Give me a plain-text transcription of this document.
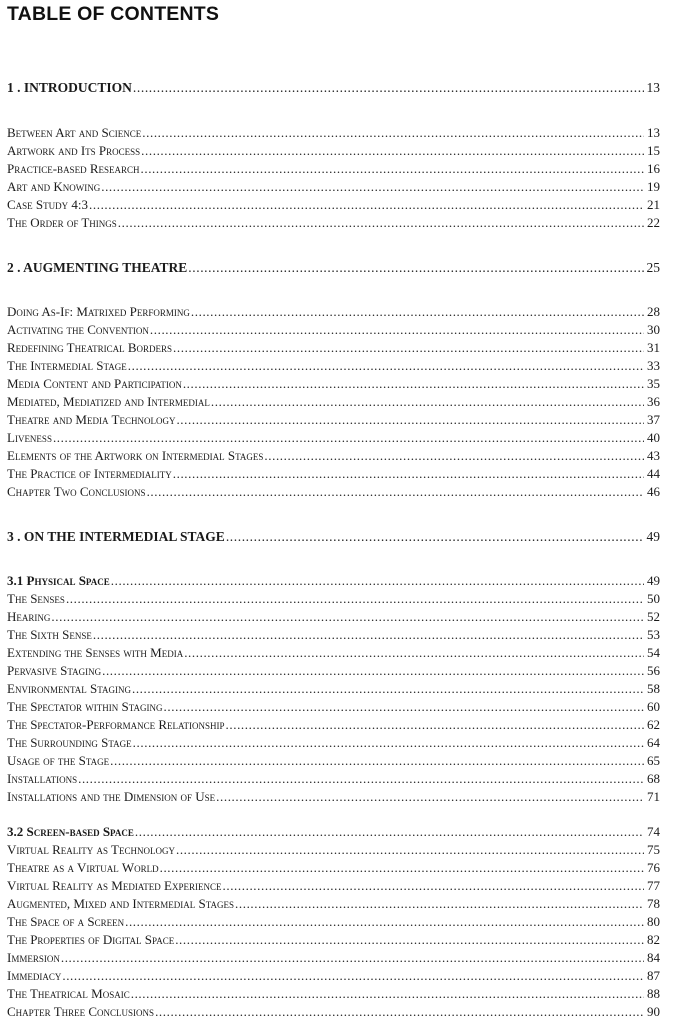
TABLE OF CONTENTS
1 . INTRODUCTION .....	13
Between Art and Science .....	13
Artwork and Its Process .....	15
Practice-based Research .....	16
Art and Knowing .....	19
Case Study 4:3 .....	21
The Order of Things .....	22
2 . AUGMENTING THEATRE .....	25
Doing As-If: Matrixed Performing .....	28
Activating the Convention .....	30
Redefining Theatrical Borders .....	31
The Intermedial Stage .....	33
Media Content and Participation .....	35
Mediated, Mediatized and Intermedial .....	36
Theatre and Media Technology .....	37
Liveness .....	40
Elements of the Artwork on Intermedial Stages .....	43
The Practice of Intermediality .....	44
Chapter Two Conclusions .....	46
3 . ON THE INTERMEDIAL STAGE .....	49
3.1 Physical Space .....	49
The Senses .....	50
Hearing .....	52
The Sixth Sense .....	53
Extending the Senses with Media .....	54
Pervasive Staging .....	56
Environmental Staging .....	58
The Spectator within Staging .....	60
The Spectator-Performance Relationship .....	62
The Surrounding Stage .....	64
Usage of the Stage .....	65
Installations .....	68
Installations and the Dimension of Use .....	71
3.2 Screen-based Space .....	74
Virtual Reality as Technology .....	75
Theatre as a Virtual World .....	76
Virtual Reality as Mediated Experience .....	77
Augmented, Mixed and Intermedial Stages .....	78
The Space of a Screen .....	80
The Properties of Digital Space .....	82
Immersion .....	84
Immediacy .....	87
The Theatrical Mosaic .....	88
Chapter Three Conclusions .....	90
